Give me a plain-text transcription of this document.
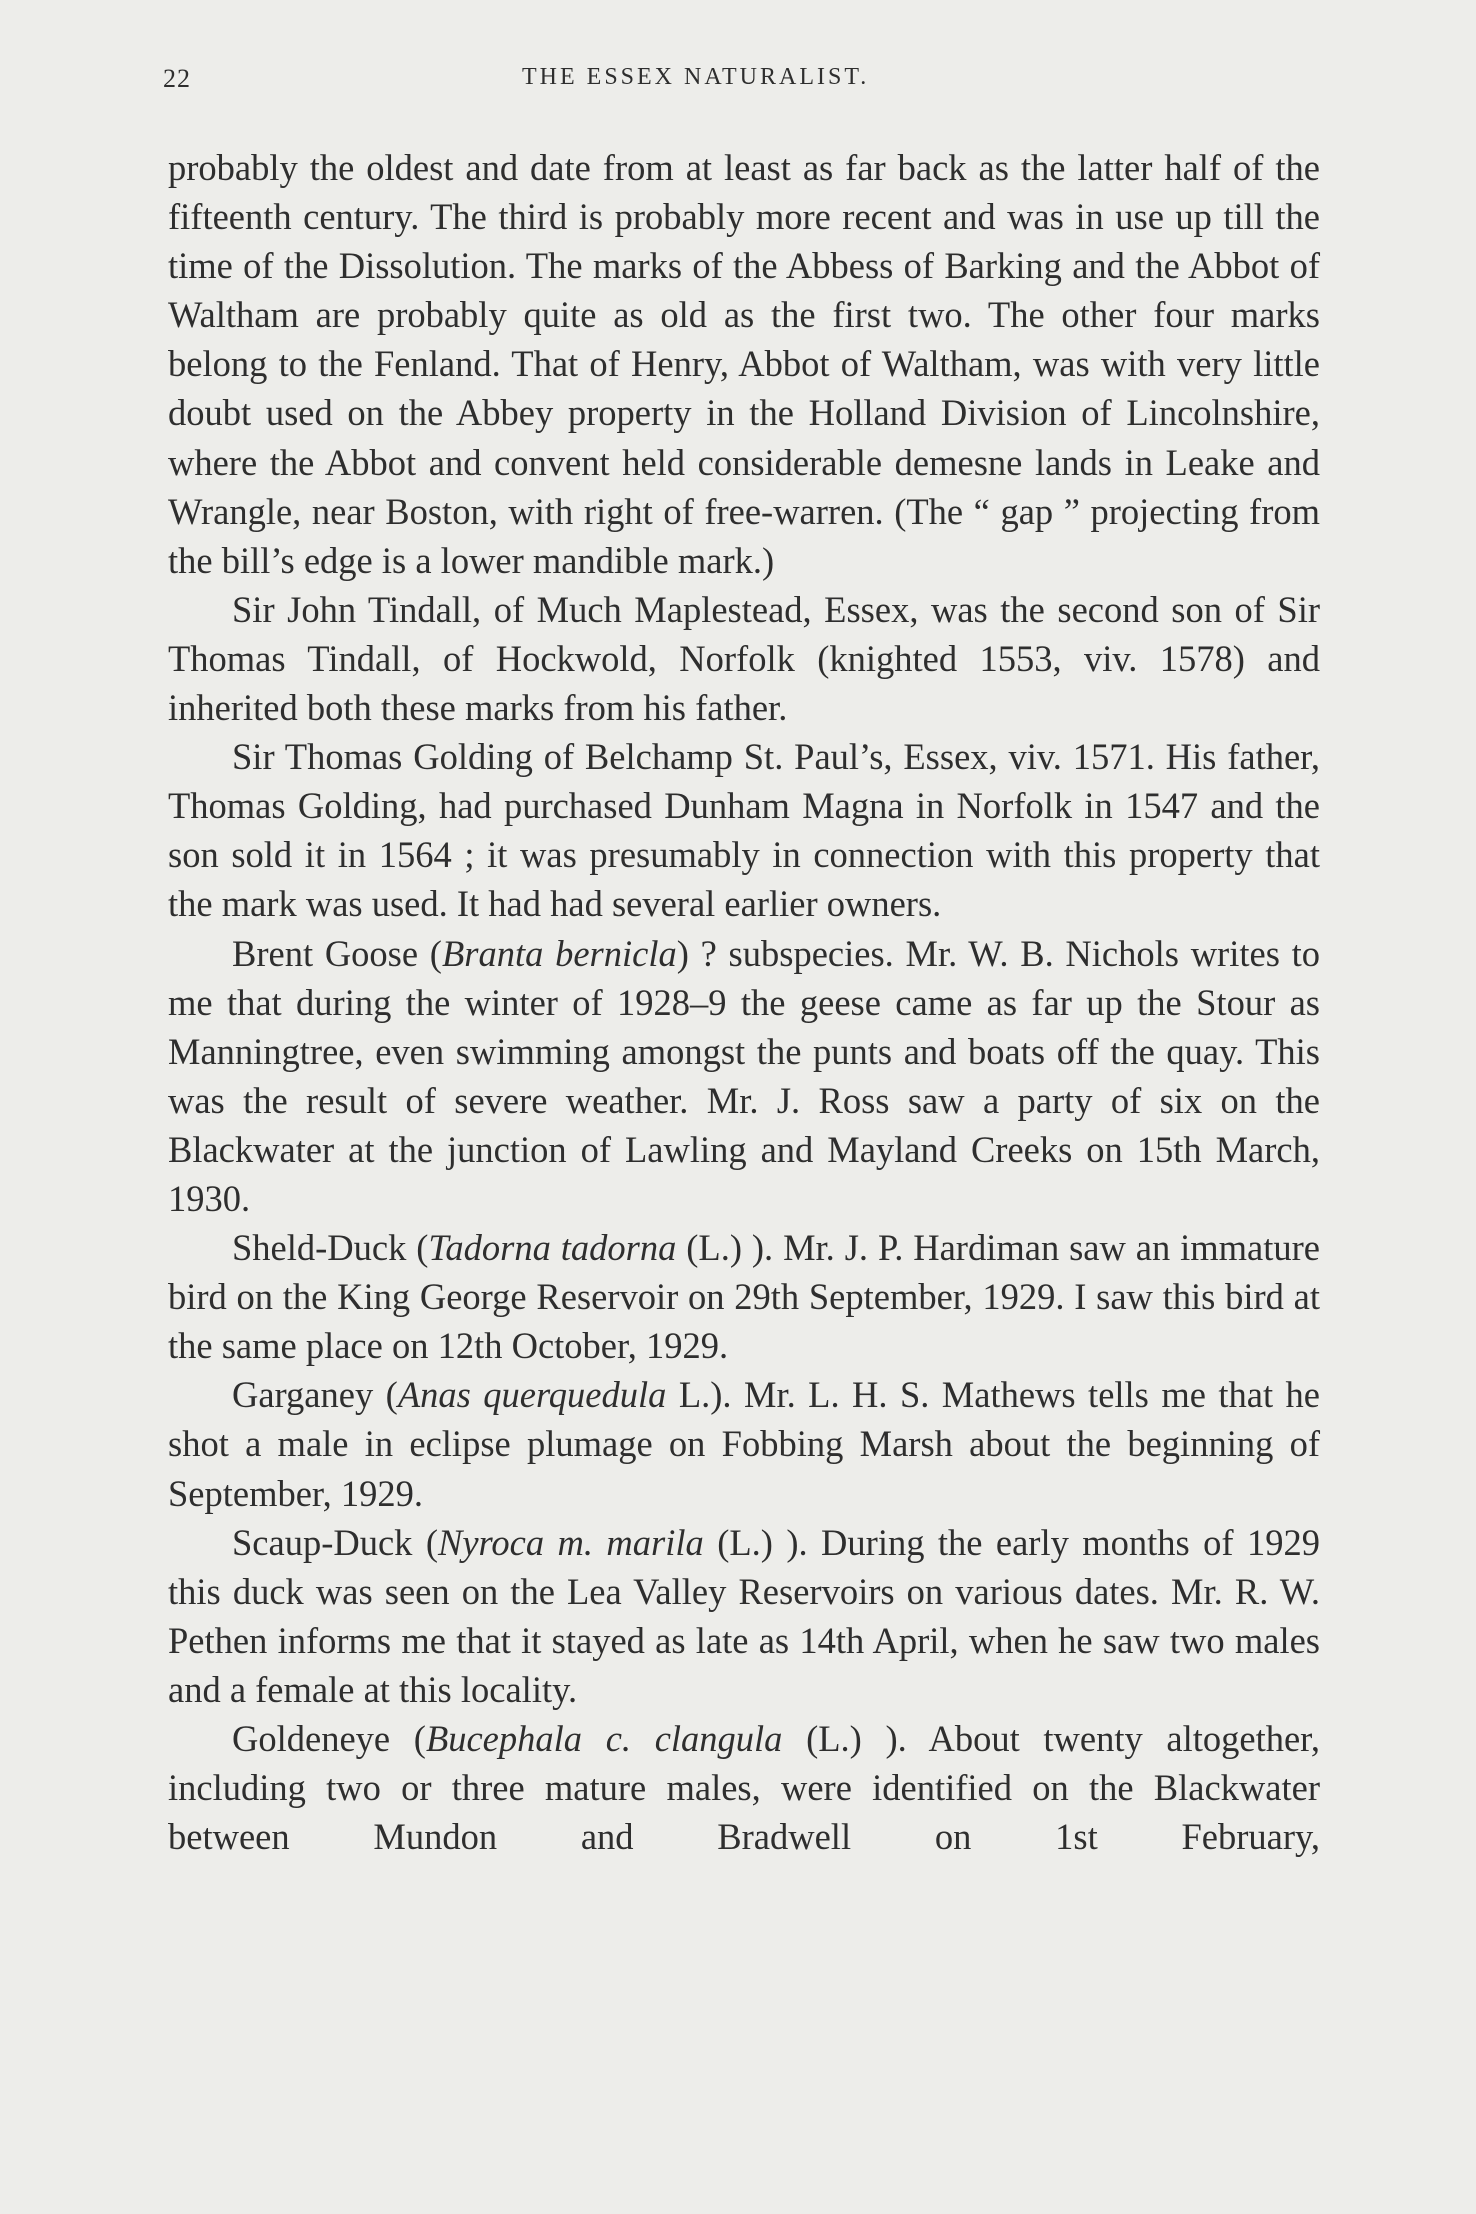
22	THE ESSEX NATURALIST.

probably the oldest and date from at least as far back as the latter half of the fifteenth century. The third is probably more recent and was in use up till the time of the Dissolution. The marks of the Abbess of Barking and the Abbot of Waltham are probably quite as old as the first two. The other four marks belong to the Fenland. That of Henry, Abbot of Waltham, was with very little doubt used on the Abbey property in the Holland Division of Lincolnshire, where the Abbot and convent held considerable demesne lands in Leake and Wrangle, near Boston, with right of free-warren. (The “ gap ” projecting from the bill’s edge is a lower mandible mark.)

Sir John Tindall, of Much Maplestead, Essex, was the second son of Sir Thomas Tindall, of Hockwold, Norfolk (knighted 1553, viv. 1578) and inherited both these marks from his father.

Sir Thomas Golding of Belchamp St. Paul’s, Essex, viv. 1571. His father, Thomas Golding, had purchased Dunham Magna in Norfolk in 1547 and the son sold it in 1564 ; it was presumably in connection with this property that the mark was used. It had had several earlier owners.

Brent Goose (Branta bernicla) ? subspecies. Mr. W. B. Nichols writes to me that during the winter of 1928–9 the geese came as far up the Stour as Manningtree, even swimming amongst the punts and boats off the quay. This was the result of severe weather. Mr. J. Ross saw a party of six on the Blackwater at the junction of Lawling and Mayland Creeks on 15th March, 1930.

Sheld-Duck (Tadorna tadorna (L.) ). Mr. J. P. Hardiman saw an immature bird on the King George Reservoir on 29th September, 1929. I saw this bird at the same place on 12th October, 1929.

Garganey (Anas querquedula L.). Mr. L. H. S. Mathews tells me that he shot a male in eclipse plumage on Fobbing Marsh about the beginning of September, 1929.

Scaup-Duck (Nyroca m. marila (L.) ). During the early months of 1929 this duck was seen on the Lea Valley Reservoirs on various dates. Mr. R. W. Pethen informs me that it stayed as late as 14th April, when he saw two males and a female at this locality.

Goldeneye (Bucephala c. clangula (L.) ). About twenty altogether, including two or three mature males, were identified on the Blackwater between Mundon and Bradwell on 1st February,
